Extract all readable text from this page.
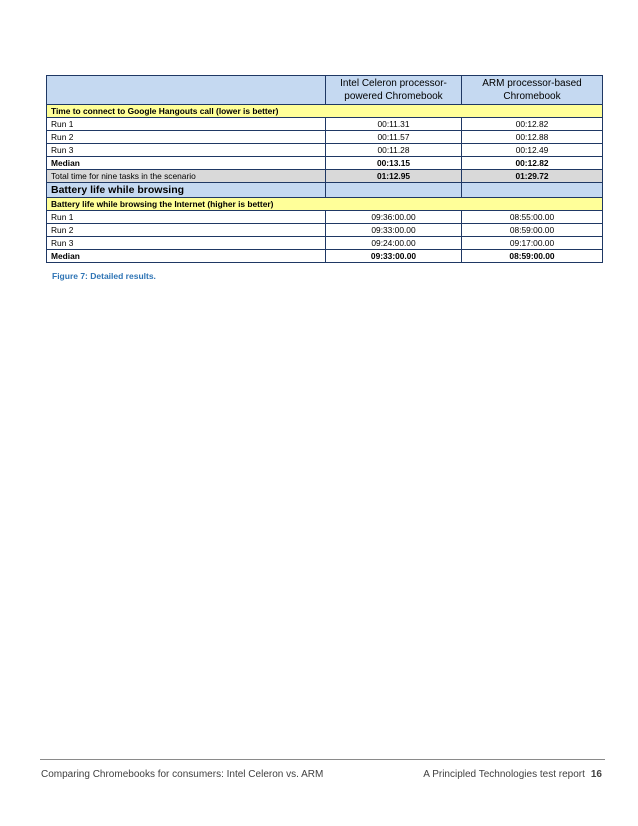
	Intel Celeron processor-powered Chromebook	ARM processor-based Chromebook
Time to connect to Google Hangouts call (lower is better)		
Run 1	00:11.31	00:12.82
Run 2	00:11.57	00:12.88
Run 3	00:11.28	00:12.49
Median	00:13.15	00:12.82
Total time for nine tasks in the scenario	01:12.95	01:29.72
Battery life while browsing		
Battery life while browsing the Internet (higher is better)		
Run 1	09:36:00.00	08:55:00.00
Run 2	09:33:00.00	08:59:00.00
Run 3	09:24:00.00	09:17:00.00
Median	09:33:00.00	08:59:00.00
Figure 7: Detailed results.
Comparing Chromebooks for consumers: Intel Celeron vs. ARM	A Principled Technologies test report 16
